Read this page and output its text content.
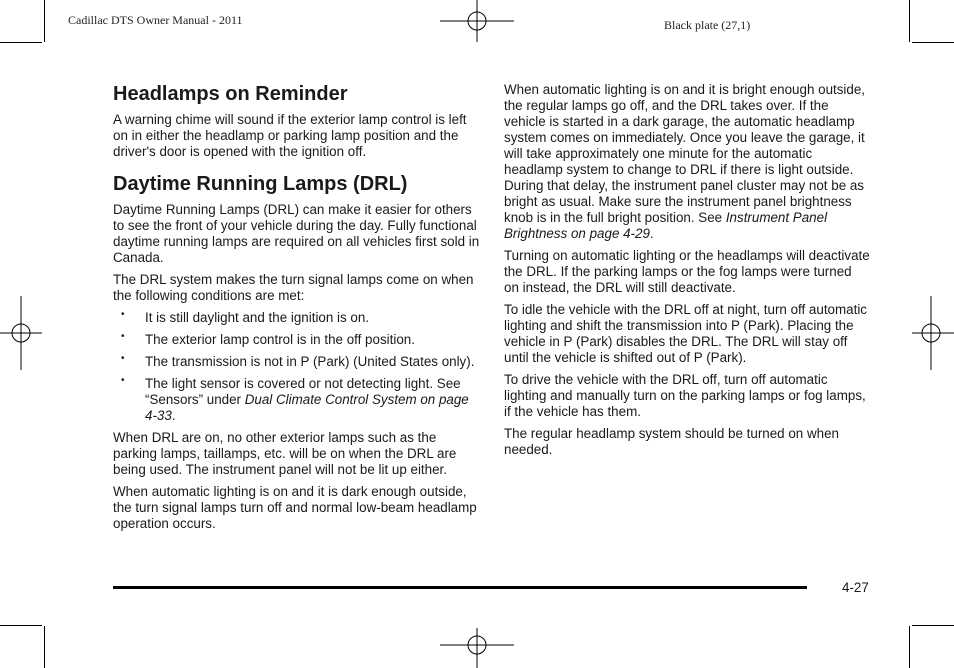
Cadillac DTS Owner Manual - 2011	Black plate (27,1)
Headlamps on Reminder

A warning chime will sound if the exterior lamp control is left on in either the headlamp or parking lamp position and the driver's door is opened with the ignition off.

Daytime Running Lamps (DRL)

Daytime Running Lamps (DRL) can make it easier for others to see the front of your vehicle during the day. Fully functional daytime running lamps are required on all vehicles first sold in Canada.

The DRL system makes the turn signal lamps come on when the following conditions are met:

• It is still daylight and the ignition is on.
• The exterior lamp control is in the off position.
• The transmission is not in P (Park) (United States only).
• The light sensor is covered or not detecting light. See “Sensors” under Dual Climate Control System on page 4-33.

When DRL are on, no other exterior lamps such as the parking lamps, taillamps, etc. will be on when the DRL are being used. The instrument panel will not be lit up either.

When automatic lighting is on and it is dark enough outside, the turn signal lamps turn off and normal low-beam headlamp operation occurs.

When automatic lighting is on and it is bright enough outside, the regular lamps go off, and the DRL takes over. If the vehicle is started in a dark garage, the automatic headlamp system comes on immediately. Once you leave the garage, it will take approximately one minute for the automatic headlamp system to change to DRL if there is light outside. During that delay, the instrument panel cluster may not be as bright as usual. Make sure the instrument panel brightness knob is in the full bright position. See Instrument Panel Brightness on page 4-29.

Turning on automatic lighting or the headlamps will deactivate the DRL. If the parking lamps or the fog lamps were turned on instead, the DRL will still deactivate.

To idle the vehicle with the DRL off at night, turn off automatic lighting and shift the transmission into P (Park). Placing the vehicle in P (Park) disables the DRL. The DRL will stay off until the vehicle is shifted out of P (Park).

To drive the vehicle with the DRL off, turn off automatic lighting and manually turn on the parking lamps or fog lamps, if the vehicle has them.

The regular headlamp system should be turned on when needed.

4-27
